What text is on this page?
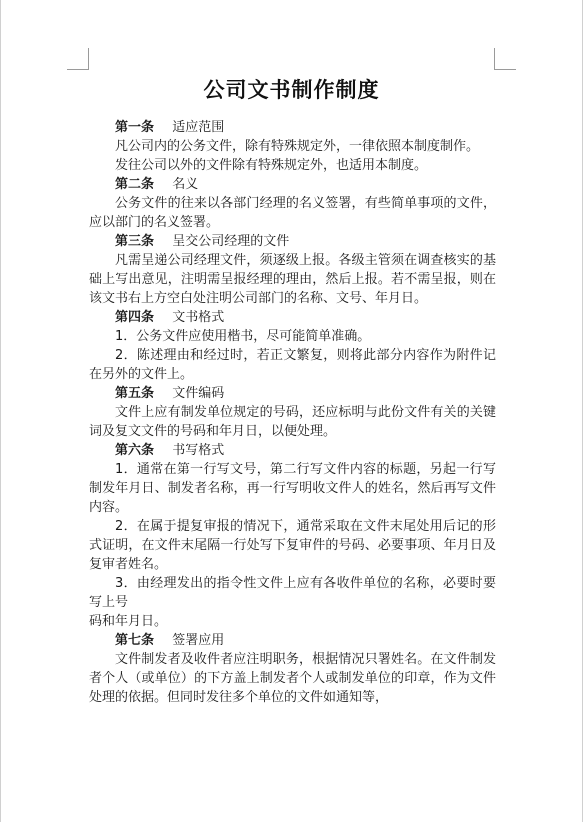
公司文书制作制度

第一条 适应范围

凡公司内的公务文件，除有特殊规定外，一律依照本制度制作。

发往公司以外的文件除有特殊规定外，也适用本制度。

第二条 名义

公务文件的往来以各部门经理的名义签署，有些简单事项的文件，应以部门的名义签署。

第三条 呈交公司经理的文件

凡需呈递公司经理文件，须逐级上报。各级主管须在调查核实的基础上写出意见，注明需呈报经理的理由，然后上报。若不需呈报，则在该文书右上方空白处注明公司部门的名称、文号、年月日。

第四条 文书格式

1．公务文件应使用楷书，尽可能简单准确。

2．陈述理由和经过时，若正文繁复，则将此部分内容作为附件记在另外的文件上。

第五条 文件编码

文件上应有制发单位规定的号码，还应标明与此份文件有关的关键词及复文文件的号码和年月日，以便处理。

第六条 书写格式

1．通常在第一行写文号，第二行写文件内容的标题，另起一行写制发年月日、制发者名称，再一行写明收文件人的姓名，然后再写文件内容。

2．在属于提复审报的情况下，通常采取在文件末尾处用后记的形式证明，在文件末尾隔一行处写下复审件的号码、必要事项、年月日及复审者姓名。

3．由经理发出的指令性文件上应有各收件单位的名称，必要时要写上号

码和年月日。

第七条 签署应用

文件制发者及收件者应注明职务，根据情况只署姓名。在文件制发者个人（或单位）的下方盖上制发者个人或制发单位的印章，作为文件处理的依据。但同时发往多个单位的文件如通知等，
